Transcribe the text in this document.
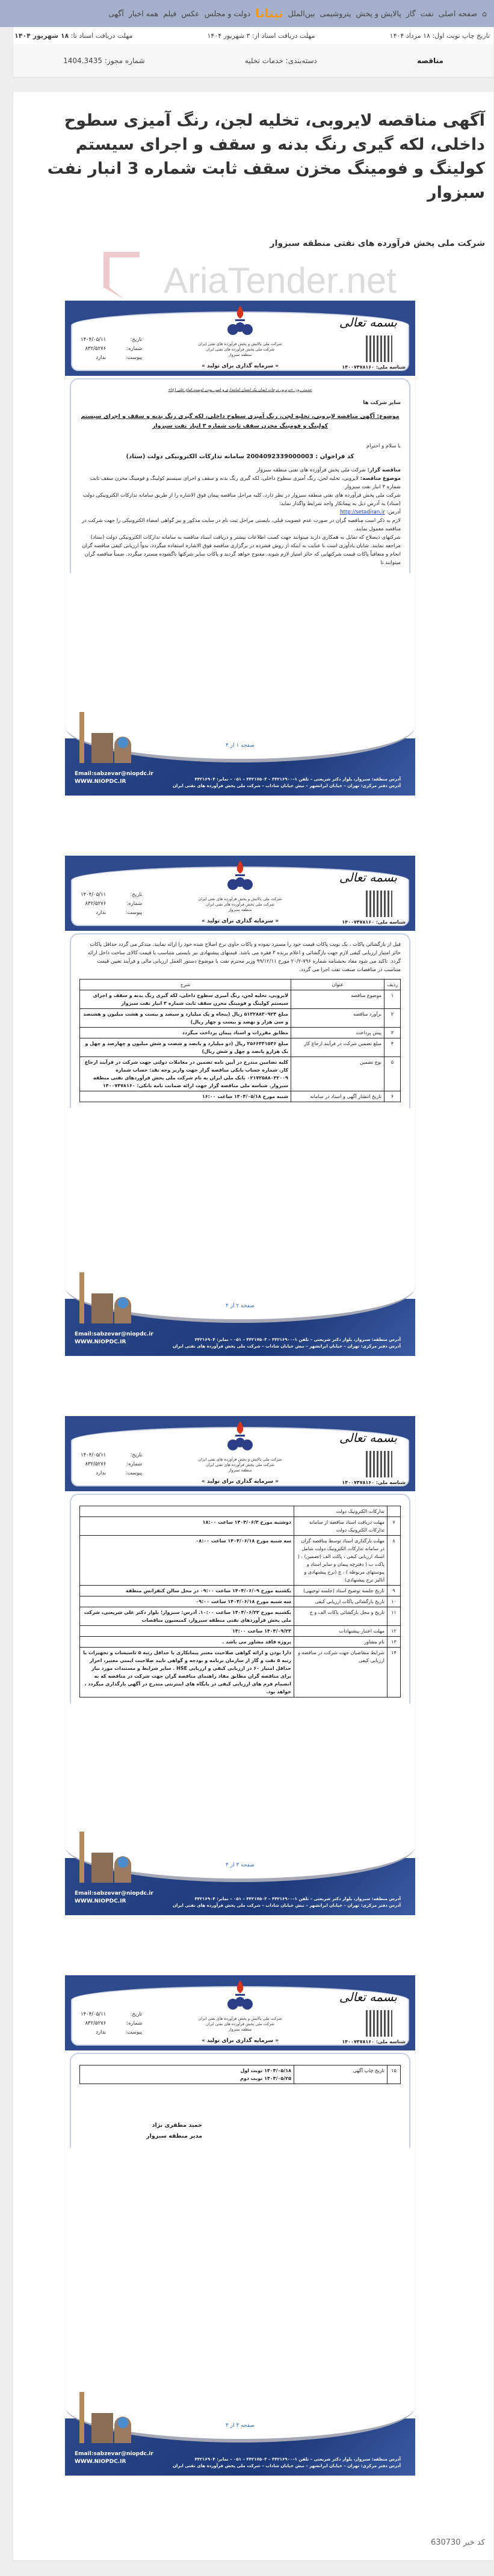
⌂
صفحه اصلی
نفت
گاز
پالایش و پخش
پتروشیمی
بین‌الملل
تیتانا
دولت و مجلس
عکس
فیلم
همه اخبار
آگهی
تاریخ چاپ نوبت اول: ۱۸ مرداد ۱۴۰۴
مهلت دریافت اسناد از: ۳ شهریور ۱۴۰۴
مهلت دریافت اسناد تا: ۱۸ شهریور ۱۴۰۴
مناقصه
دسته‌بندی: خدمات تخلیه
شماره مجوز: 1404.3435
آگهی مناقصه لایروبی، تخلیه لجن، رنگ آمیزی سطوح داخلی، لکه گیری رنگ بدنه و سقف و اجرای سیستم کولینگ و فومینگ مخزن سقف ثابت شماره 3 انبار نفت سبزوار
شرکت ملی پخش فرآورده های نفتی منطقه سبزوار
AriaTender.net
کد خبر 630730
بسمه تعالی
شناسه ملی: ۱۴۰۰۷۴۷۸۱۶۰
شرکت ملی پالایش و پخش فرآورده های نفتی ایران
شرکت ملی پخش فرآورده های نفتی ایران
منطقه سبزوار
« سرمایه گذاری برای تولید »
تاریخ:
۱۴۰۴/۰۵/۱۱
شماره:
۸۳۲/۵۲۷۶
پیوست:
ندارد
حدیث روز: «برترین درجات ایمان یک انسان امانتداری و امین بودن اوست.امام علی (ع)»
سایر شرکت ها
موضوع: آگهی مناقصه لایروبی، تخلیه لجن، رنگ آمیزی سطوح داخلی، لکه گیری رنگ بدنه و سقف و اجرای سیستم کولینگ و فومینگ مخزن سقف ثابت شماره ۳ انبار نفت سبزوار
با سلام و احترام
کد فراخوان : 2004092339000003 سامانه تدارکات الکترونیکی دولت (ستاد)
مناقصه گزار: شرکت ملی پخش فرآورده های نفتی منطقه سبزوار
موضوع مناقصه: لایروبی، تخلیه لجن، رنگ آمیزی سطوح داخلی، لکه گیری رنگ بدنه و سقف و اجرای سیستم کولینگ و فومینگ مخزن سقف ثابت شماره ۳ انبار نفت سبزوار
شرکت ملی پخش فرآورده های نفتی منطقه سبزوار در نظر دارد، کلیه مراحل مناقصه پیمان فوق الاشاره را از طریق سامانه تدارکات الکترونیکی دولت (ستاد) به آدرس ذیل به پیمانکار واجد شرایط واگذار نماید:
آدرس: http://setadiran.ir
لازم به ذکر است مناقصه گران در صورت عدم عضویت قبلی، بایستی مراحل ثبت نام در سایت مذکور و نیز گواهی امضاء الکترونیکی را جهت شرکت در مناقصه معمول نمایند.
شرکتهای ذیصلاح که تمایل به همکاری دارند میتوانند جهت کسب اطلاعات بیشتر و دریافت اسناد مناقصه به سامانه تدارکات الکترونیکی دولت (ستاد) مراجعه نمایند. شایان یادآوری است با عنایت به اینکه از روش فشرده در برگزاری مناقصه فوق الاشاره استفاده میگردد، بدواً ارزیابی کیفی مناقصه گران انجام و متعاقباً پاکات قیمت شرکتهایی که حائز امتیاز لازم شوند، مفتوح خواهد گردید و پاکات سایر شرکتها ناگشوده مسترد میگردد. ضمناً مناقصه گران میتوانند تا
صفحه ۱ از ۴
آدرس منطقه: سبزوار، بلوار دکتر شریعتی – تلفن ۱–۴۴۲۱۶۹۰۰ – ۴۴۲۱۷۵۰۳ – ۰۵۱ – نمابر: ۴۴۲۱۶۹۰۴
آدرس دفتر مرکزی: تهران – خیابان ایرانشهر – نبش خیابان شاداب – شرکت ملی پخش فرآورده های نفتی ایران
Email:sabzevar@niopdc.ir
WWW.NIOPDC.IR
بسمه تعالی
شناسه ملی: ۱۴۰۰۷۴۷۸۱۶۰
شرکت ملی پالایش و پخش فرآورده های نفتی ایران
شرکت ملی پخش فرآورده های نفتی ایران
منطقه سبزوار
« سرمایه گذاری برای تولید »
تاریخ:
۱۴۰۴/۰۵/۱۱
شماره:
۸۳۲/۵۲۷۶
پیوست:
ندارد
قبل از بازگشائی پاکات ، یک نوبت پاکات قیمت خود را مسترد نموده و پاکات حاوی نرخ اصلاح شده خود را ارائه نمایند. متذکر می گردد حداقل پاکات حائز امتیاز ارزیابی کیفی لازم جهت بازگشائی و اعلام برنده ۳ فقره می باشد. قیمتهای پیشنهادی نیز بایستی متناسب با قیمت کالای ساخت داخل ارائه گردد. تاکید می شود مفاد بخشنامه شماره ۷۹۶-۲۰/۲ مورخ ۹۹/۱۲/۱۱ وزیر محترم نفت با موضوع دستور العمل ارزیابی مالی و فرآیند تعیین قیمت متناسب در مناقصات صنعت نفت اجرا می گردد.
ردیف	عنوان	شرح
۱	موضوع مناقصه	لایروبی، تخلیه لجن، رنگ آمیزی سطوح داخلی، لکه گیری رنگ بدنه و سقف و اجرای سیستم کولینگ و فومینگ مخزن سقف ثابت شماره ۳ انبار نفت سبزوار
۲	برآورد مناقصه	مبلغ ۵۱۳۲۸۸۳۰۹۲۴ ریال (پنجاه و یک میلیارد و سیصد و بیست و هشت میلیون و هشتصد و سی هزار و نهصد و بیست و چهار ریال)
۳	پیش پرداخت	مطابق مقررات و اسناد پیمان پرداخت میگردد
۴	مبلغ تضمین شرکت در فرآیند ارجاع کار	مبلغ ۲۵۶۶۴۴۱۵۴۶ ریال (دو میلیارد و پانصد و شصت و شش میلیون و چهارصد و چهل و یک هزارو پانصد و چهل و شش ریال)
۵	نوع تضمین	کلیه تضامین مندرج در آیین نامه تضمین در معاملات دولتی جهت شرکت در فرآیند ارجاع کار. شماره حساب بانکی مناقصه گزار جهت واریز وجه نقد: حساب شماره ۰۲۱۷۲۵۸۸۰۳۲۰۰۹ بانک ملی ایران به نام شرکت ملی پخش فرآوردهای نفتی منطقه سبزوار. شناسه ملی مناقصه گزار جهت ارائه ضمانت نامه بانکی: ۱۴۰۰۷۴۷۸۱۶۰
۶	تاریخ انتشار آگهی و اسناد در سامانه	شنبه مورخ ۱۴۰۴/۰۵/۱۸ ساعت ۱۶:۰۰
صفحه ۲ از ۴
آدرس منطقه: سبزوار، بلوار دکتر شریعتی – تلفن ۱–۴۴۲۱۶۹۰۰ – ۴۴۲۱۷۵۰۳ – ۰۵۱ – نمابر: ۴۴۲۱۶۹۰۴
آدرس دفتر مرکزی: تهران – خیابان ایرانشهر – نبش خیابان شاداب – شرکت ملی پخش فرآورده های نفتی ایران
Email:sabzevar@niopdc.ir
WWW.NIOPDC.IR
بسمه تعالی
شناسه ملی: ۱۴۰۰۷۴۷۸۱۶۰
شرکت ملی پالایش و پخش فرآورده های نفتی ایران
شرکت ملی پخش فرآورده های نفتی ایران
منطقه سبزوار
« سرمایه گذاری برای تولید »
تاریخ:
۱۴۰۴/۰۵/۱۱
شماره:
۸۳۲/۵۲۷۶
پیوست:
ندارد
	تدارکات الکترونیک دولت	
۷	مهلت دریافت اسناد مناقصه از سامانه تدارکات الکترونیک دولت	دوشنبه مورخ ۱۴۰۴/۰۶/۳ ساعت ۱۸:۰۰
۸	مهلت بارگذاری اسناد توسط مناقصه گران در سامانه تدارکات الکترونیک دولت شامل اسناد ارزیابی کیفی ، پاکت الف (تضمین) ، ( پاکت ب ( دفترچه پیمان و سایر اسناد و پیوستهای مربوطه ) ، ج (نرخ پیشنهادی و آنالیز نرخ پیشنهادی)	سه شنبه مورخ ۱۴۰۴/۰۶/۱۸ ساعت ۰۸:۰۰
۹	تاریخ جلسه توضیح اسناد (جلسه توجیهی)	یکشنبه مورخ ۱۴۰۴/۰۶/۰۹ ساعت ۰۹:۰۰ در محل سالن کنفرانس منطقه
۱۰	تاریخ بازگشائی پاکات ارزیابی کیفی	سه شنبه مورخ ۱۴۰۴/۰۶/۱۸ ساعت ۰۹:۰۰
۱۱	تاریخ و محل بازگشائی پاکات الف و ج	یکشنبه مورخ ۱۴۰۴/۰۶/۲۳ ساعت ۱۰:۰۰. آدرس: سبزوار؛ بلوار دکتر علی شریعتی، شرکت ملی پخش فرآوردهای نفتی منطقه سبزوار، کمیسیون مناقصات
۱۲	مهلت اعتبار پیشنهادات	۱۴۰۴/۰۹/۲۳ ساعت ۱۴:۰۰
۱۳	نام مشاور	پروژه فاقد مشاور می باشد .
۱۴	شرایط متقاضیان جهت شرکت در مناقصه و ارزیابی کیفی	دارا بودن و ارائه گواهی صلاحیت معتبر پیمانکاری با حداقل رتبه ۵ تاسیسات و تجهیزات یا رتبه ۵ نفت و گاز از سازمان برنامه و بودجه و گواهی تایید صلاحیت ایمنی معتبر، احراز حداقل امتیاز ۶۰ در ارزیابی کیفی و ارزیابی HSE . سایر شرایط و مستندات مورد نیاز برای مناقصه گران مطابق مفاد راهنمای مناقصه گران جهت شرکت در مناقصه که به انضمام فرم های ارزیابی کیفی در پایگاه های اینترنتی مندرج در آگهی بارگذاری میگردد ، خواهد بود.
صفحه ۳ از ۴
آدرس منطقه: سبزوار، بلوار دکتر شریعتی – تلفن ۱–۴۴۲۱۶۹۰۰ – ۴۴۲۱۷۵۰۳ – ۰۵۱ – نمابر: ۴۴۲۱۶۹۰۴
آدرس دفتر مرکزی: تهران – خیابان ایرانشهر – نبش خیابان شاداب – شرکت ملی پخش فرآورده های نفتی ایران
Email:sabzevar@niopdc.ir
WWW.NIOPDC.IR
بسمه تعالی
شناسه ملی: ۱۴۰۰۷۴۷۸۱۶۰
شرکت ملی پالایش و پخش فرآورده های نفتی ایران
شرکت ملی پخش فرآورده های نفتی ایران
منطقه سبزوار
« سرمایه گذاری برای تولید »
تاریخ:
۱۴۰۴/۰۵/۱۱
شماره:
۸۳۲/۵۲۷۶
پیوست:
ندارد
۱۵	تاریخ چاپ آگهی	۱۴۰۴/۰۵/۱۸ نوبت اول
۱۴۰۴/۰۵/۲۵ نوبت دوم
حمید مظفری نژاد
مدیر منطقه سبزوار
صفحه ۴ از ۴
آدرس منطقه: سبزوار، بلوار دکتر شریعتی – تلفن ۱–۴۴۲۱۶۹۰۰ – ۴۴۲۱۷۵۰۳ – ۰۵۱ – نمابر: ۴۴۲۱۶۹۰۴
آدرس دفتر مرکزی: تهران – خیابان ایرانشهر – نبش خیابان شاداب – شرکت ملی پخش فرآورده های نفتی ایران
Email:sabzevar@niopdc.ir
WWW.NIOPDC.IR
